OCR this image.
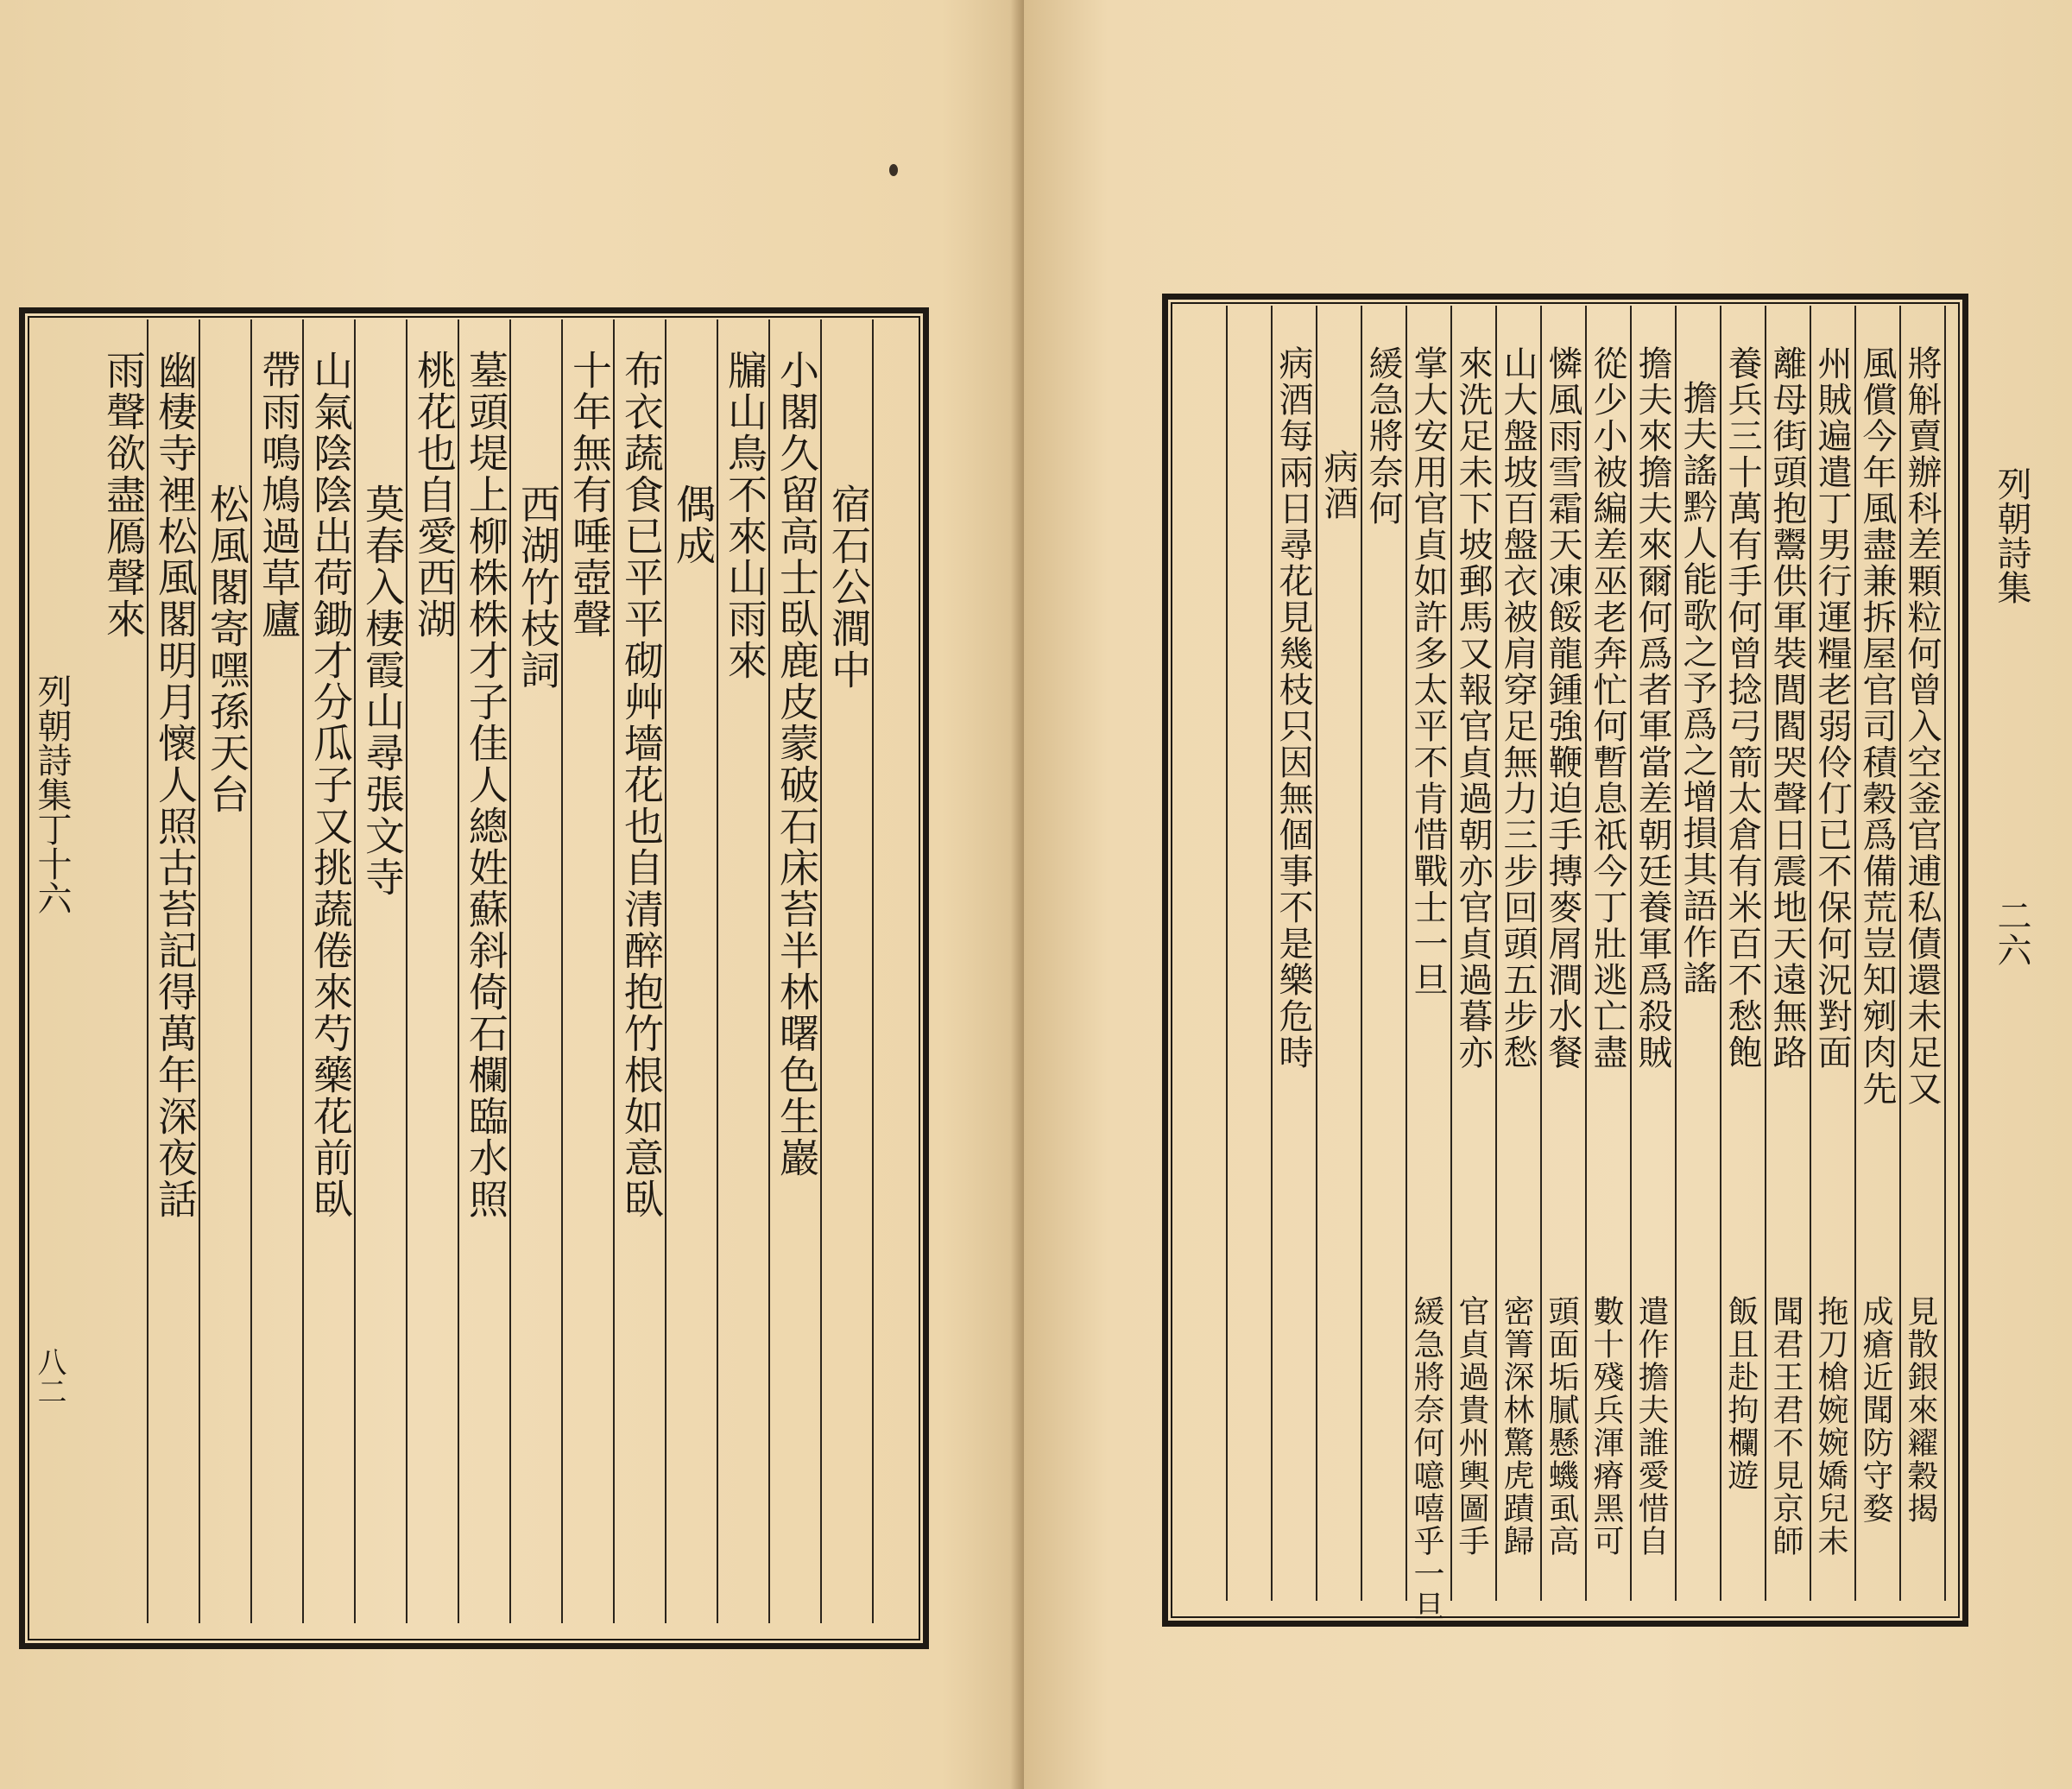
列朝詩集丁十六
八二
宿石公澗中
小閣久留高士臥鹿皮蒙破石床苔半林曙色生巖
牖山鳥不來山雨來
偶成
布衣蔬食已平平砌艸墻花也自清醉抱竹根如意臥
十年無有唾壺聲
西湖竹枝詞
墓頭堤上柳株株才子佳人總姓蘇斜倚石欄臨水照
桃花也自愛西湖
莫春入棲霞山尋張文寺
山氣陰陰出荷鋤才分瓜子又挑蔬倦來芍藥花前臥
帶雨鳴鳩過草廬
松風閣寄嘿孫天台
幽棲寺裡松風閣明月懷人照古苔記得萬年深夜話
雨聲欲盡鴈聲來	列朝詩集
二六
將斛賣辦科差顆粒何曾入空釜官逋私債還未足又
風償今年風盡兼拆屋官司積穀爲備荒豈知剜肉先
州賊遍遣丁男行運糧老弱伶仃已不保何況對面
離母街頭抱鬻供軍裝閭閻哭聲日震地天遠無路
養兵三十萬有手何曾捻弓箭太倉有米百不愁飽
擔夫謠黔人能歌之予爲之增損其語作謠
擔夫來擔夫來爾何爲者軍當差朝廷養軍爲殺賊
從少小被編差巫老奔忙何暫息祇今丁壯逃亡盡
憐風雨雪霜天凍餒龍鍾強鞭迫手摶麥屑澗水餐
山大盤坡百盤衣被肩穿足無力三步回頭五步愁
來洗足未下坡郵馬又報官貞過朝亦官貞過暮亦
掌大安用官貞如許多太平不肯惜戰士一旦
緩急將奈何
病酒
病酒每兩日尋花見幾枝只因無個事不是樂危時
見散銀來糴穀揭
成瘡近聞防守婺
拖刀槍婉婉嬌兒未
聞君王君不見京師
飯且赴拘欄遊
遣作擔夫誰愛惜自
數十殘兵渾瘠黑可
頭面垢膩懸蟣虱高
密箐深林驚虎蹟歸
官貞過貴州輿圖手
緩急將奈何噫嘻乎一旦
